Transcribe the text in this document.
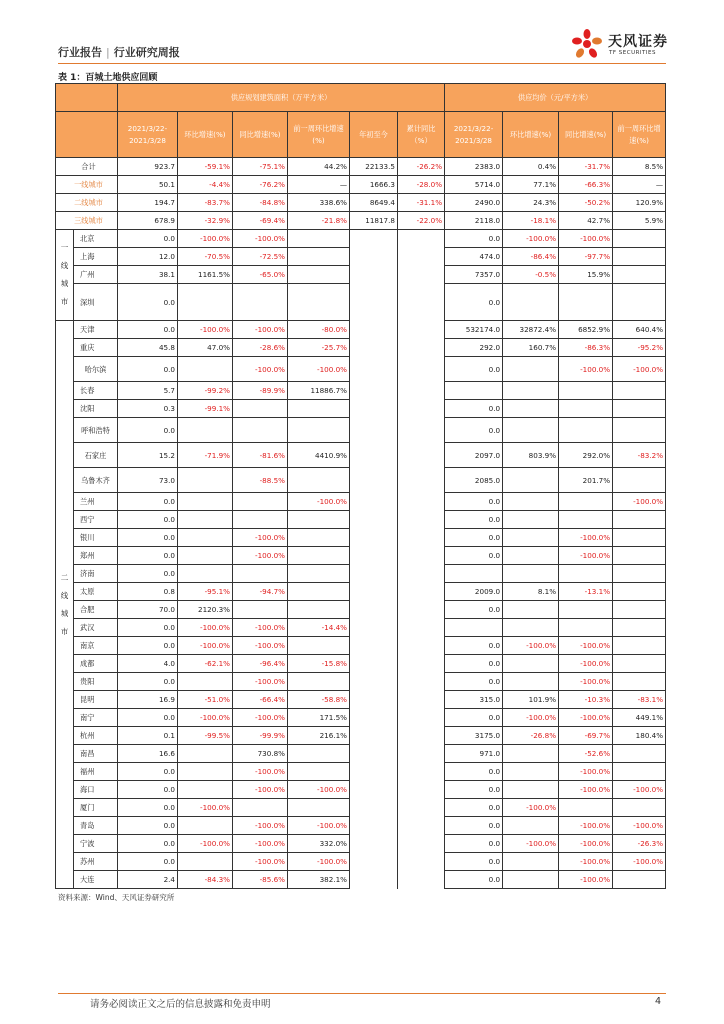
行业报告 | 行业研究周报
天风证券
TF SECURITIES
表 1：百城土地供应回顾
		供应规划建筑面积（万平方米）						供应均价（元/平方米）			
		2021/3/22-2021/3/28	环比增速(%)	同比增速(%)	前一周环比增速(%)	年初至今	累计同比（%）	2021/3/22-2021/3/28	环比增速(%)	同比增速(%)	前一周环比增速(%)
合计		923.7	-59.1%	-75.1%	44.2%	22133.5	-26.2%	2383.0	0.4%	-31.7%	8.5%
一线城市		50.1	-4.4%	-76.2%	—	1666.3	-28.0%	5714.0	77.1%	-66.3%	—
二线城市		194.7	-83.7%	-84.8%	338.6%	8649.4	-31.1%	2490.0	24.3%	-50.2%	120.9%
三线城市		678.9	-32.9%	-69.4%	-21.8%	11817.8	-22.0%	2118.0	-18.1%	42.7%	5.9%

一线城市	北京	0.0	-100.0%	-100.0%				0.0	-100.0%	-100.0%	
	上海	12.0	-70.5%	-72.5%				474.0	-86.4%	-97.7%	
	广州	38.1	1161.5%	-65.0%				7357.0	-0.5%	15.9%	
	深圳	0.0						0.0			

二线城市	天津	0.0	-100.0%	-100.0%	-80.0%			532174.0	32872.4%	6852.9%	640.4%
	重庆	45.8	47.0%	-28.6%	-25.7%			292.0	160.7%	-86.3%	-95.2%
	哈尔滨	0.0		-100.0%	-100.0%			0.0		-100.0%	-100.0%
	长春	5.7	-99.2%	-89.9%	11886.7%						
	沈阳	0.3	-99.1%					0.0			
	呼和浩特	0.0						0.0			
	石家庄	15.2	-71.9%	-81.6%	4410.9%			2097.0	803.9%	292.0%	-83.2%
	乌鲁木齐	73.0		-88.5%				2085.0		201.7%	
	兰州	0.0			-100.0%			0.0			-100.0%
	西宁	0.0						0.0			
	银川	0.0		-100.0%				0.0		-100.0%	
	郑州	0.0		-100.0%				0.0		-100.0%	
	济南	0.0									
	太原	0.8	-95.1%	-94.7%				2009.0	8.1%	-13.1%	
	合肥	70.0	2120.3%					0.0			
	武汉	0.0	-100.0%	-100.0%	-14.4%						
	南京	0.0	-100.0%	-100.0%				0.0	-100.0%	-100.0%	
	成都	4.0	-62.1%	-96.4%	-15.8%			0.0		-100.0%	
	贵阳	0.0		-100.0%				0.0		-100.0%	
	昆明	16.9	-51.0%	-66.4%	-58.8%			315.0	101.9%	-10.3%	-83.1%
	南宁	0.0	-100.0%	-100.0%	171.5%			0.0	-100.0%	-100.0%	449.1%
	杭州	0.1	-99.5%	-99.9%	216.1%			3175.0	-26.8%	-69.7%	180.4%
	南昌	16.6		730.8%				971.0		-52.6%	
	福州	0.0		-100.0%				0.0		-100.0%	
	海口	0.0		-100.0%	-100.0%			0.0		-100.0%	-100.0%
	厦门	0.0	-100.0%					0.0	-100.0%		
	青岛	0.0		-100.0%	-100.0%			0.0		-100.0%	-100.0%
	宁波	0.0	-100.0%	-100.0%	332.0%			0.0	-100.0%	-100.0%	-26.3%
	苏州	0.0		-100.0%	-100.0%			0.0		-100.0%	-100.0%
	大连	2.4	-84.3%	-85.6%	382.1%			0.0		-100.0%	
资料来源：Wind、天风证券研究所
请务必阅读正文之后的信息披露和免责申明	4
